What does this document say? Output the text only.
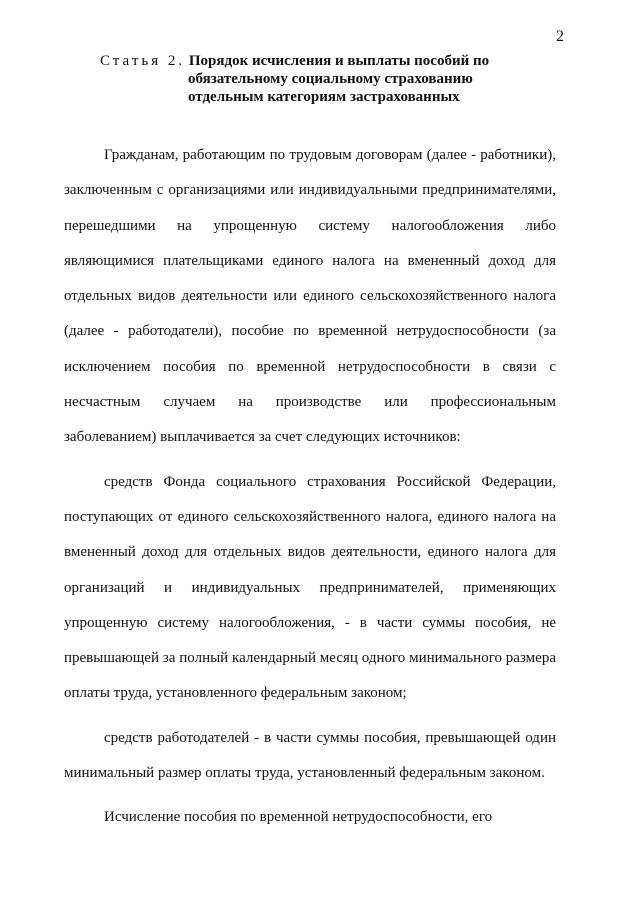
2
Статья 2. Порядок исчисления и выплаты пособий по
обязательному социальному страхованию
отдельным категориям застрахованных

Гражданам, работающим по трудовым договорам (далее - работники), заключенным с организациями или индивидуальными предпринимателями, перешедшими на упрощенную систему налогообложения либо являющимися плательщиками единого налога на вмененный доход для отдельных видов деятельности или единого сельскохозяйственного налога (далее - работодатели), пособие по временной нетрудоспособности (за исключением пособия по временной нетрудоспособности в связи с несчастным случаем на производстве или профессиональным заболеванием) выплачивается за счет следующих источников:

средств Фонда социального страхования Российской Федерации, поступающих от единого сельскохозяйственного налога, единого налога на вмененный доход для отдельных видов деятельности, единого налога для организаций и индивидуальных предпринимателей, применяющих упрощенную систему налогообложения, - в части суммы пособия, не превышающей за полный календарный месяц одного минимального размера оплаты труда, установленного федеральным законом;

средств работодателей - в части суммы пособия, превышающей один минимальный размер оплаты труда, установленный федеральным законом.

Исчисление пособия по временной нетрудоспособности, его
